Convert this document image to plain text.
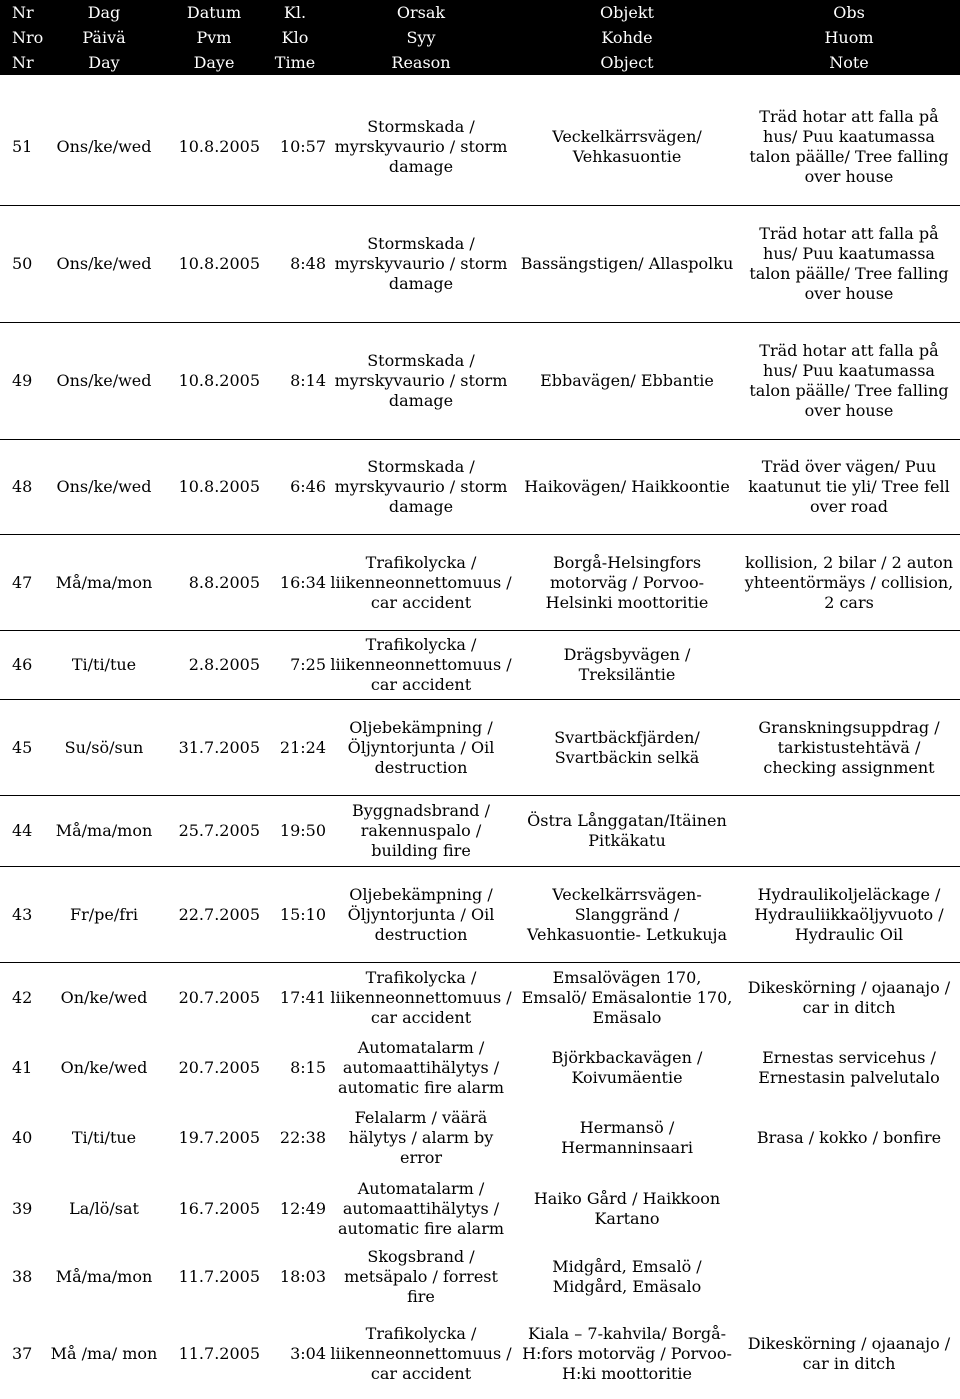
Nr	Dag	Datum	Kl.	Orsak	Objekt	Obs
Nro	Päivä	Pvm	Klo	Syy	Kohde	Huom
Nr	Day	Daye	Time	Reason	Object	Note

51	Ons/ke/wed	10.8.2005	10:57	Stormskada / myrskyvaurio / storm damage	Veckelkärrsvägen/ Vehkasuontie	Träd hotar att falla på hus/ Puu kaatumassa talon päälle/ Tree falling over house
50	Ons/ke/wed	10.8.2005	8:48	Stormskada / myrskyvaurio / storm damage	Bassängstigen/ Allaspolku	Träd hotar att falla på hus/ Puu kaatumassa talon päälle/ Tree falling over house
49	Ons/ke/wed	10.8.2005	8:14	Stormskada / myrskyvaurio / storm damage	Ebbavägen/ Ebbantie	Träd hotar att falla på hus/ Puu kaatumassa talon päälle/ Tree falling over house
48	Ons/ke/wed	10.8.2005	6:46	Stormskada / myrskyvaurio / storm damage	Haikovägen/ Haikkoontie	Träd över vägen/ Puu kaatunut tie yli/ Tree fell over road
47	Må/ma/mon	8.8.2005	16:34	Trafikolycka / liikenneonnettomuus / car accident	Borgå-Helsingfors motorväg / Porvoo-Helsinki moottoritie	kollision, 2 bilar / 2 auton yhteentörmäys / collision, 2 cars
46	Ti/ti/tue	2.8.2005	7:25	Trafikolycka / liikenneonnettomuus / car accident	Drägsbyvägen / Treksiläntie	
45	Su/sö/sun	31.7.2005	21:24	Oljebekämpning / Öljyntorjunta / Oil destruction	Svartbäckfjärden/ Svartbäckin selkä	Granskningsuppdrag / tarkistustehtävä / checking assignment
44	Må/ma/mon	25.7.2005	19:50	Byggnadsbrand / rakennuspalo / building fire	Östra Långgatan/Itäinen Pitkäkatu	
43	Fr/pe/fri	22.7.2005	15:10	Oljebekämpning / Öljyntorjunta / Oil destruction	Veckelkärrsvägen- Slanggränd / Vehkasuontie- Letkukuja	Hydraulikoljeläckage / Hydrauliikkaöljyvuoto / Hydraulic Oil
42	On/ke/wed	20.7.2005	17:41	Trafikolycka / liikenneonnettomuus / car accident	Emsalövägen 170, Emsalö/ Emäsalontie 170, Emäsalo	Dikeskörning / ojaanajo / car in ditch
41	On/ke/wed	20.7.2005	8:15	Automatalarm / automaattihälytys / automatic fire alarm	Björkbackavägen / Koivumäentie	Ernestas servicehus / Ernestasin palvelutalo
40	Ti/ti/tue	19.7.2005	22:38	Felalarm / väärä hälytys / alarm by error	Hermansö / Hermanninsaari	Brasa / kokko / bonfire
39	La/lö/sat	16.7.2005	12:49	Automatalarm / automaattihälytys / automatic fire alarm	Haiko Gård / Haikkoon Kartano	
38	Må/ma/mon	11.7.2005	18:03	Skogsbrand / metsäpalo / forrest fire	Midgård, Emsalö / Midgård, Emäsalo	
37	Må /ma/ mon	11.7.2005	3:04	Trafikolycka / liikenneonnettomuus / car accident	Kiala – 7-kahvila/ Borgå- H:fors motorväg / Porvoo- H:ki moottoritie	Dikeskörning / ojaanajo / car in ditch
